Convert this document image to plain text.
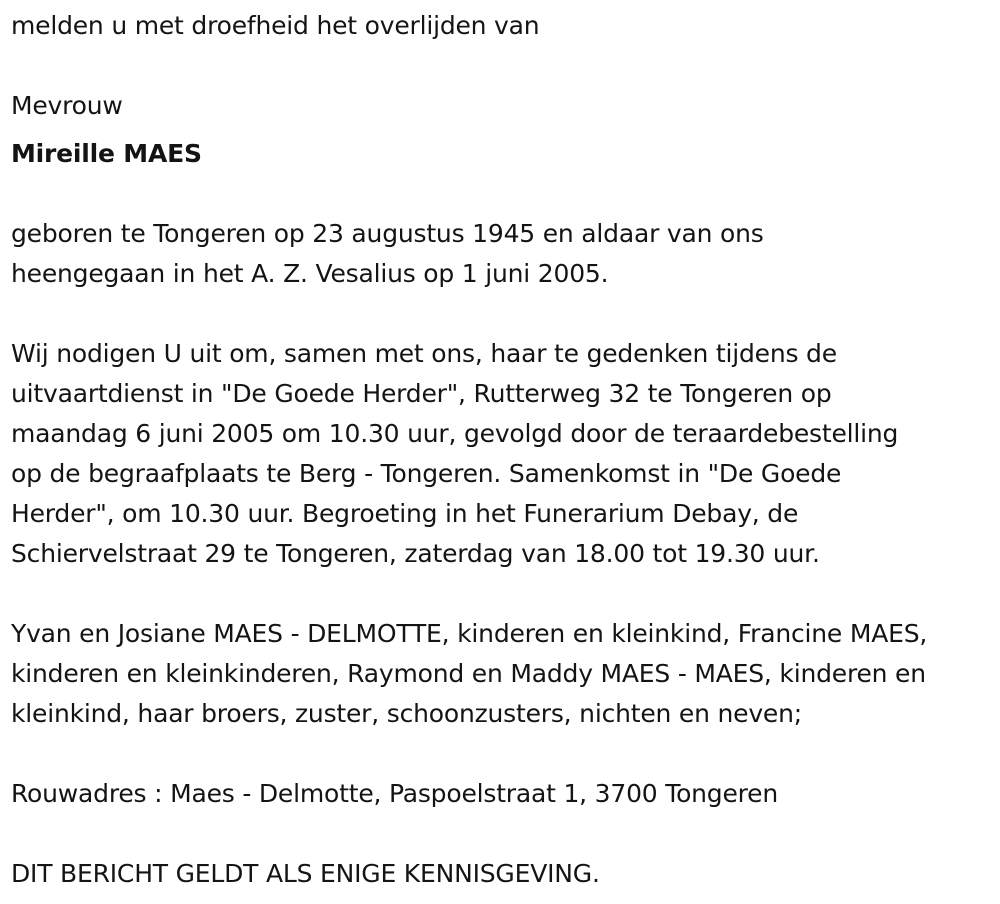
melden u met droefheid het overlijden van

Mevrouw

Mireille MAES

geboren te Tongeren op 23 augustus 1945 en aldaar van ons
heengegaan in het A. Z. Vesalius op 1 juni 2005.

Wij nodigen U uit om, samen met ons, haar te gedenken tijdens de
uitvaartdienst in "De Goede Herder", Rutterweg 32 te Tongeren op
maandag 6 juni 2005 om 10.30 uur, gevolgd door de teraardebestelling
op de begraafplaats te Berg - Tongeren. Samenkomst in "De Goede
Herder", om 10.30 uur. Begroeting in het Funerarium Debay, de
Schiervelstraat 29 te Tongeren, zaterdag van 18.00 tot 19.30 uur.

Yvan en Josiane MAES - DELMOTTE, kinderen en kleinkind, Francine MAES,
kinderen en kleinkinderen, Raymond en Maddy MAES - MAES, kinderen en
kleinkind, haar broers, zuster, schoonzusters, nichten en neven;

Rouwadres : Maes - Delmotte, Paspoelstraat 1, 3700 Tongeren

DIT BERICHT GELDT ALS ENIGE KENNISGEVING.
